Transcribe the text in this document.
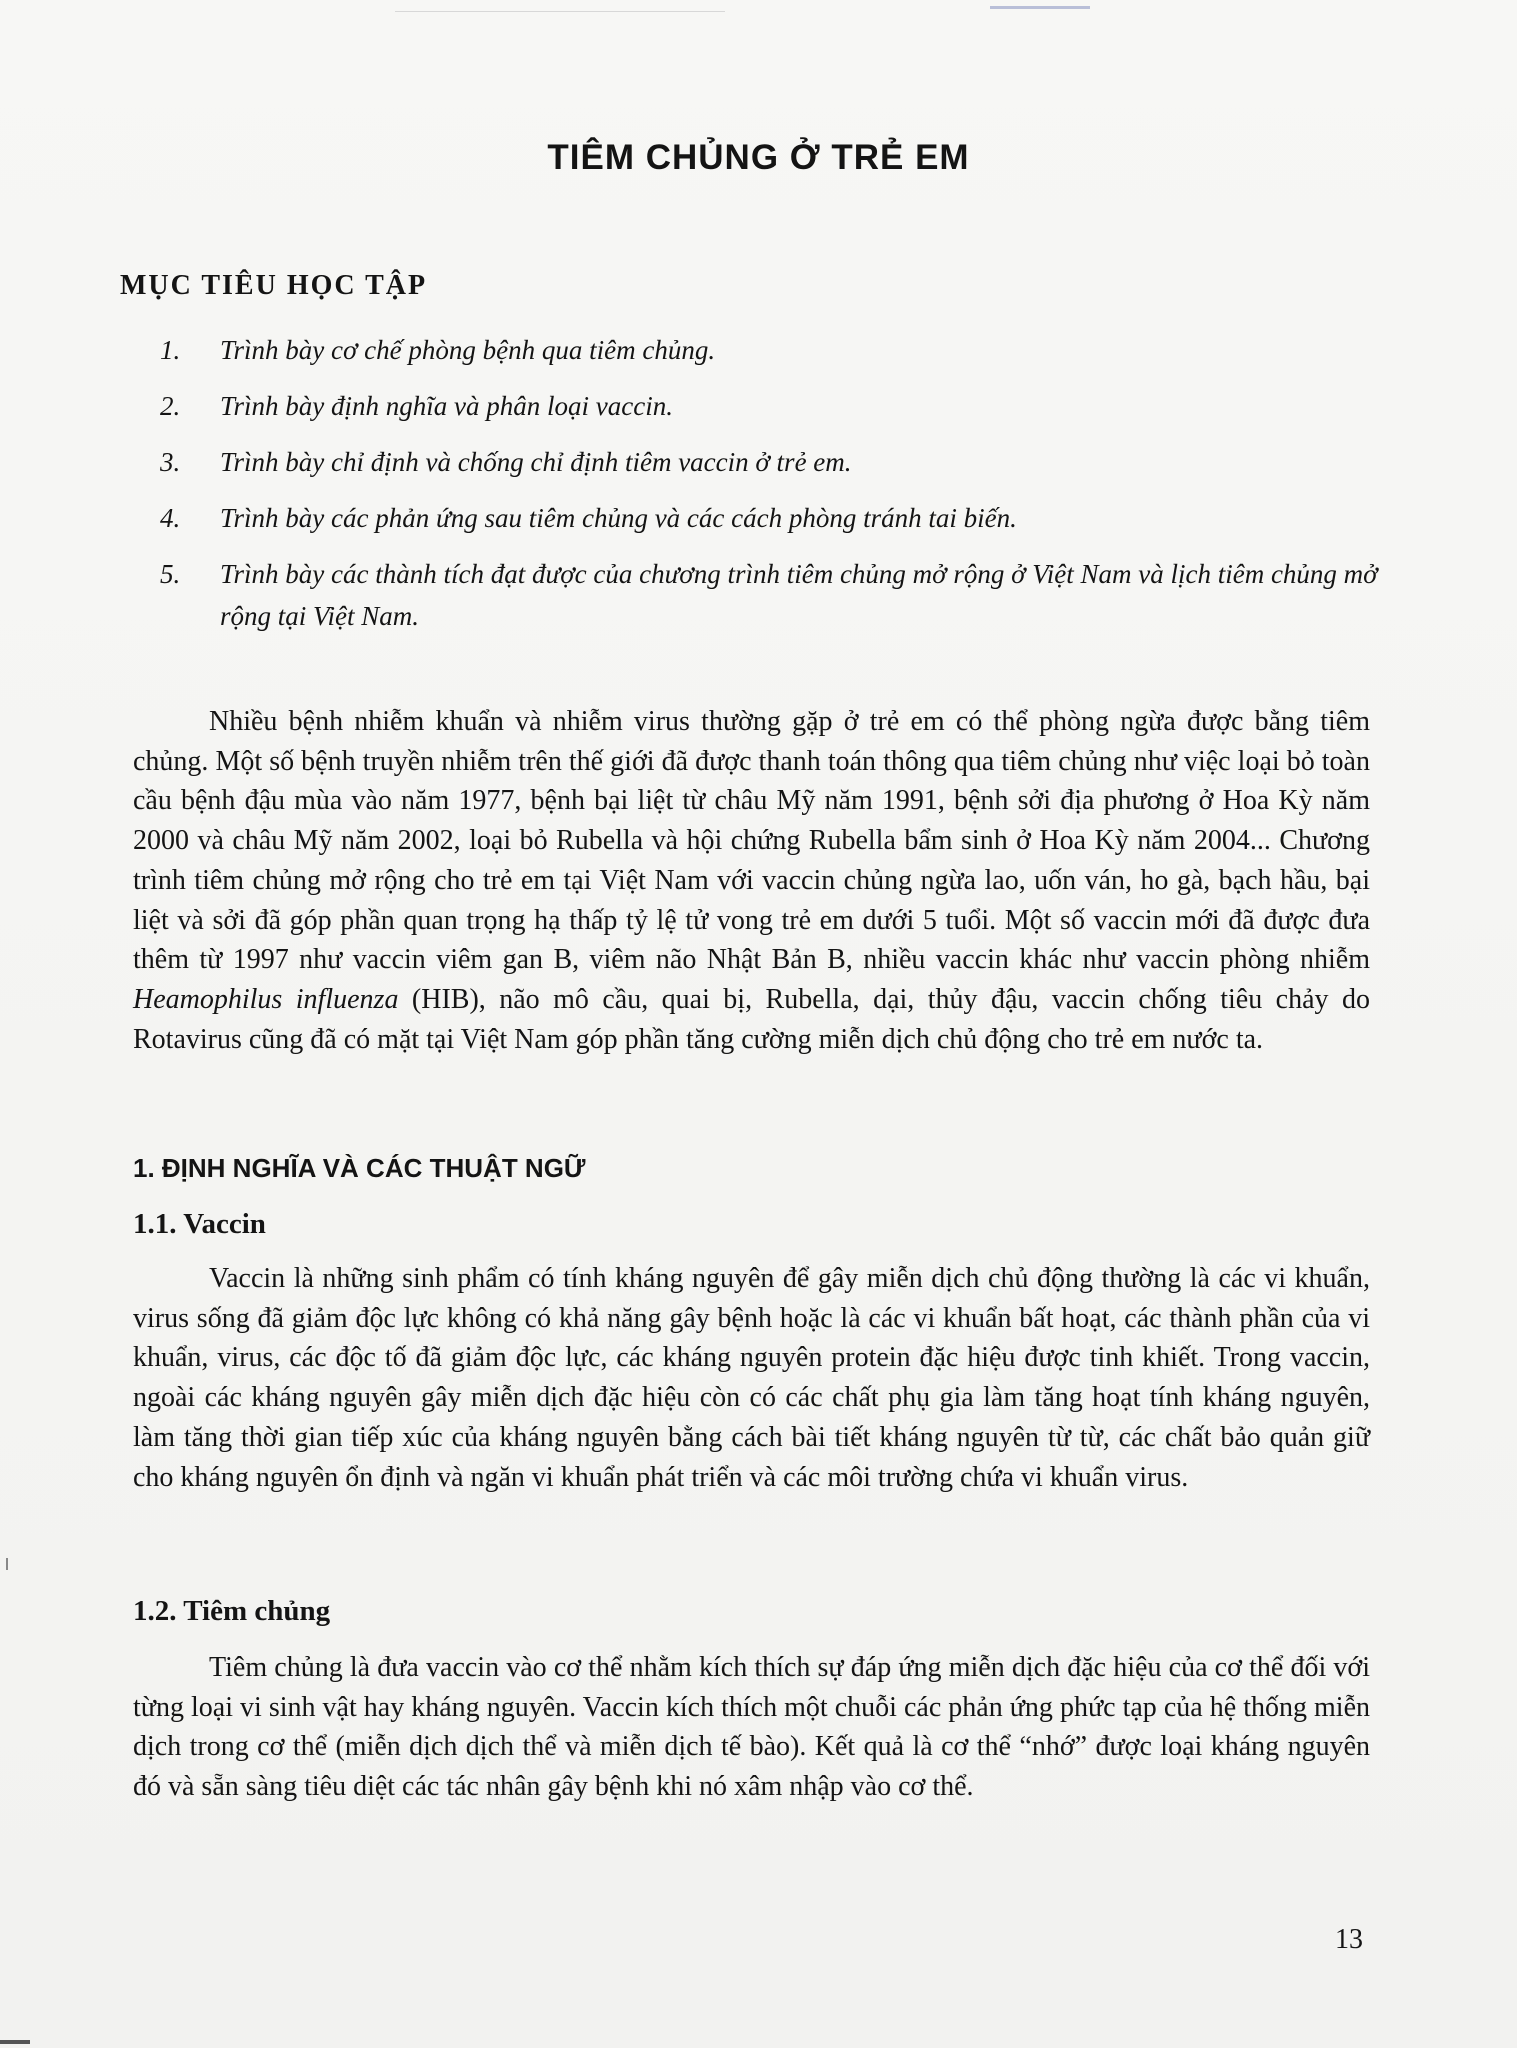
TIÊM CHỦNG Ở TRẺ EM
MỤC TIÊU HỌC TẬP
1.	Trình bày cơ chế phòng bệnh qua tiêm chủng.
2.	Trình bày định nghĩa và phân loại vaccin.
3.	Trình bày chỉ định và chống chỉ định tiêm vaccin ở trẻ em.
4.	Trình bày các phản ứng sau tiêm chủng và các cách phòng tránh tai biến.
5.	Trình bày các thành tích đạt được của chương trình tiêm chủng mở rộng ở Việt Nam và lịch tiêm chủng mở rộng tại Việt Nam.
Nhiều bệnh nhiễm khuẩn và nhiễm virus thường gặp ở trẻ em có thể phòng ngừa được bằng tiêm chủng. Một số bệnh truyền nhiễm trên thế giới đã được thanh toán thông qua tiêm chủng như việc loại bỏ toàn cầu bệnh đậu mùa vào năm 1977, bệnh bại liệt từ châu Mỹ năm 1991, bệnh sởi địa phương ở Hoa Kỳ năm 2000 và châu Mỹ năm 2002, loại bỏ Rubella và hội chứng Rubella bẩm sinh ở Hoa Kỳ năm 2004... Chương trình tiêm chủng mở rộng cho trẻ em tại Việt Nam với vaccin chủng ngừa lao, uốn ván, ho gà, bạch hầu, bại liệt và sởi đã góp phần quan trọng hạ thấp tỷ lệ tử vong trẻ em dưới 5 tuổi. Một số vaccin mới đã được đưa thêm từ 1997 như vaccin viêm gan B, viêm não Nhật Bản B, nhiều vaccin khác như vaccin phòng nhiễm Heamophilus influenza (HIB), não mô cầu, quai bị, Rubella, dại, thủy đậu, vaccin chống tiêu chảy do Rotavirus cũng đã có mặt tại Việt Nam góp phần tăng cường miễn dịch chủ động cho trẻ em nước ta.
1. ĐỊNH NGHĨA VÀ CÁC THUẬT NGỮ
1.1. Vaccin
Vaccin là những sinh phẩm có tính kháng nguyên để gây miễn dịch chủ động thường là các vi khuẩn, virus sống đã giảm độc lực không có khả năng gây bệnh hoặc là các vi khuẩn bất hoạt, các thành phần của vi khuẩn, virus, các độc tố đã giảm độc lực, các kháng nguyên protein đặc hiệu được tinh khiết. Trong vaccin, ngoài các kháng nguyên gây miễn dịch đặc hiệu còn có các chất phụ gia làm tăng hoạt tính kháng nguyên, làm tăng thời gian tiếp xúc của kháng nguyên bằng cách bài tiết kháng nguyên từ từ, các chất bảo quản giữ cho kháng nguyên ổn định và ngăn vi khuẩn phát triển và các môi trường chứa vi khuẩn virus.
1.2. Tiêm chủng
Tiêm chủng là đưa vaccin vào cơ thể nhằm kích thích sự đáp ứng miễn dịch đặc hiệu của cơ thể đối với từng loại vi sinh vật hay kháng nguyên. Vaccin kích thích một chuỗi các phản ứng phức tạp của hệ thống miễn dịch trong cơ thể (miễn dịch dịch thể và miễn dịch tế bào). Kết quả là cơ thể “nhớ” được loại kháng nguyên đó và sẵn sàng tiêu diệt các tác nhân gây bệnh khi nó xâm nhập vào cơ thể.
13
